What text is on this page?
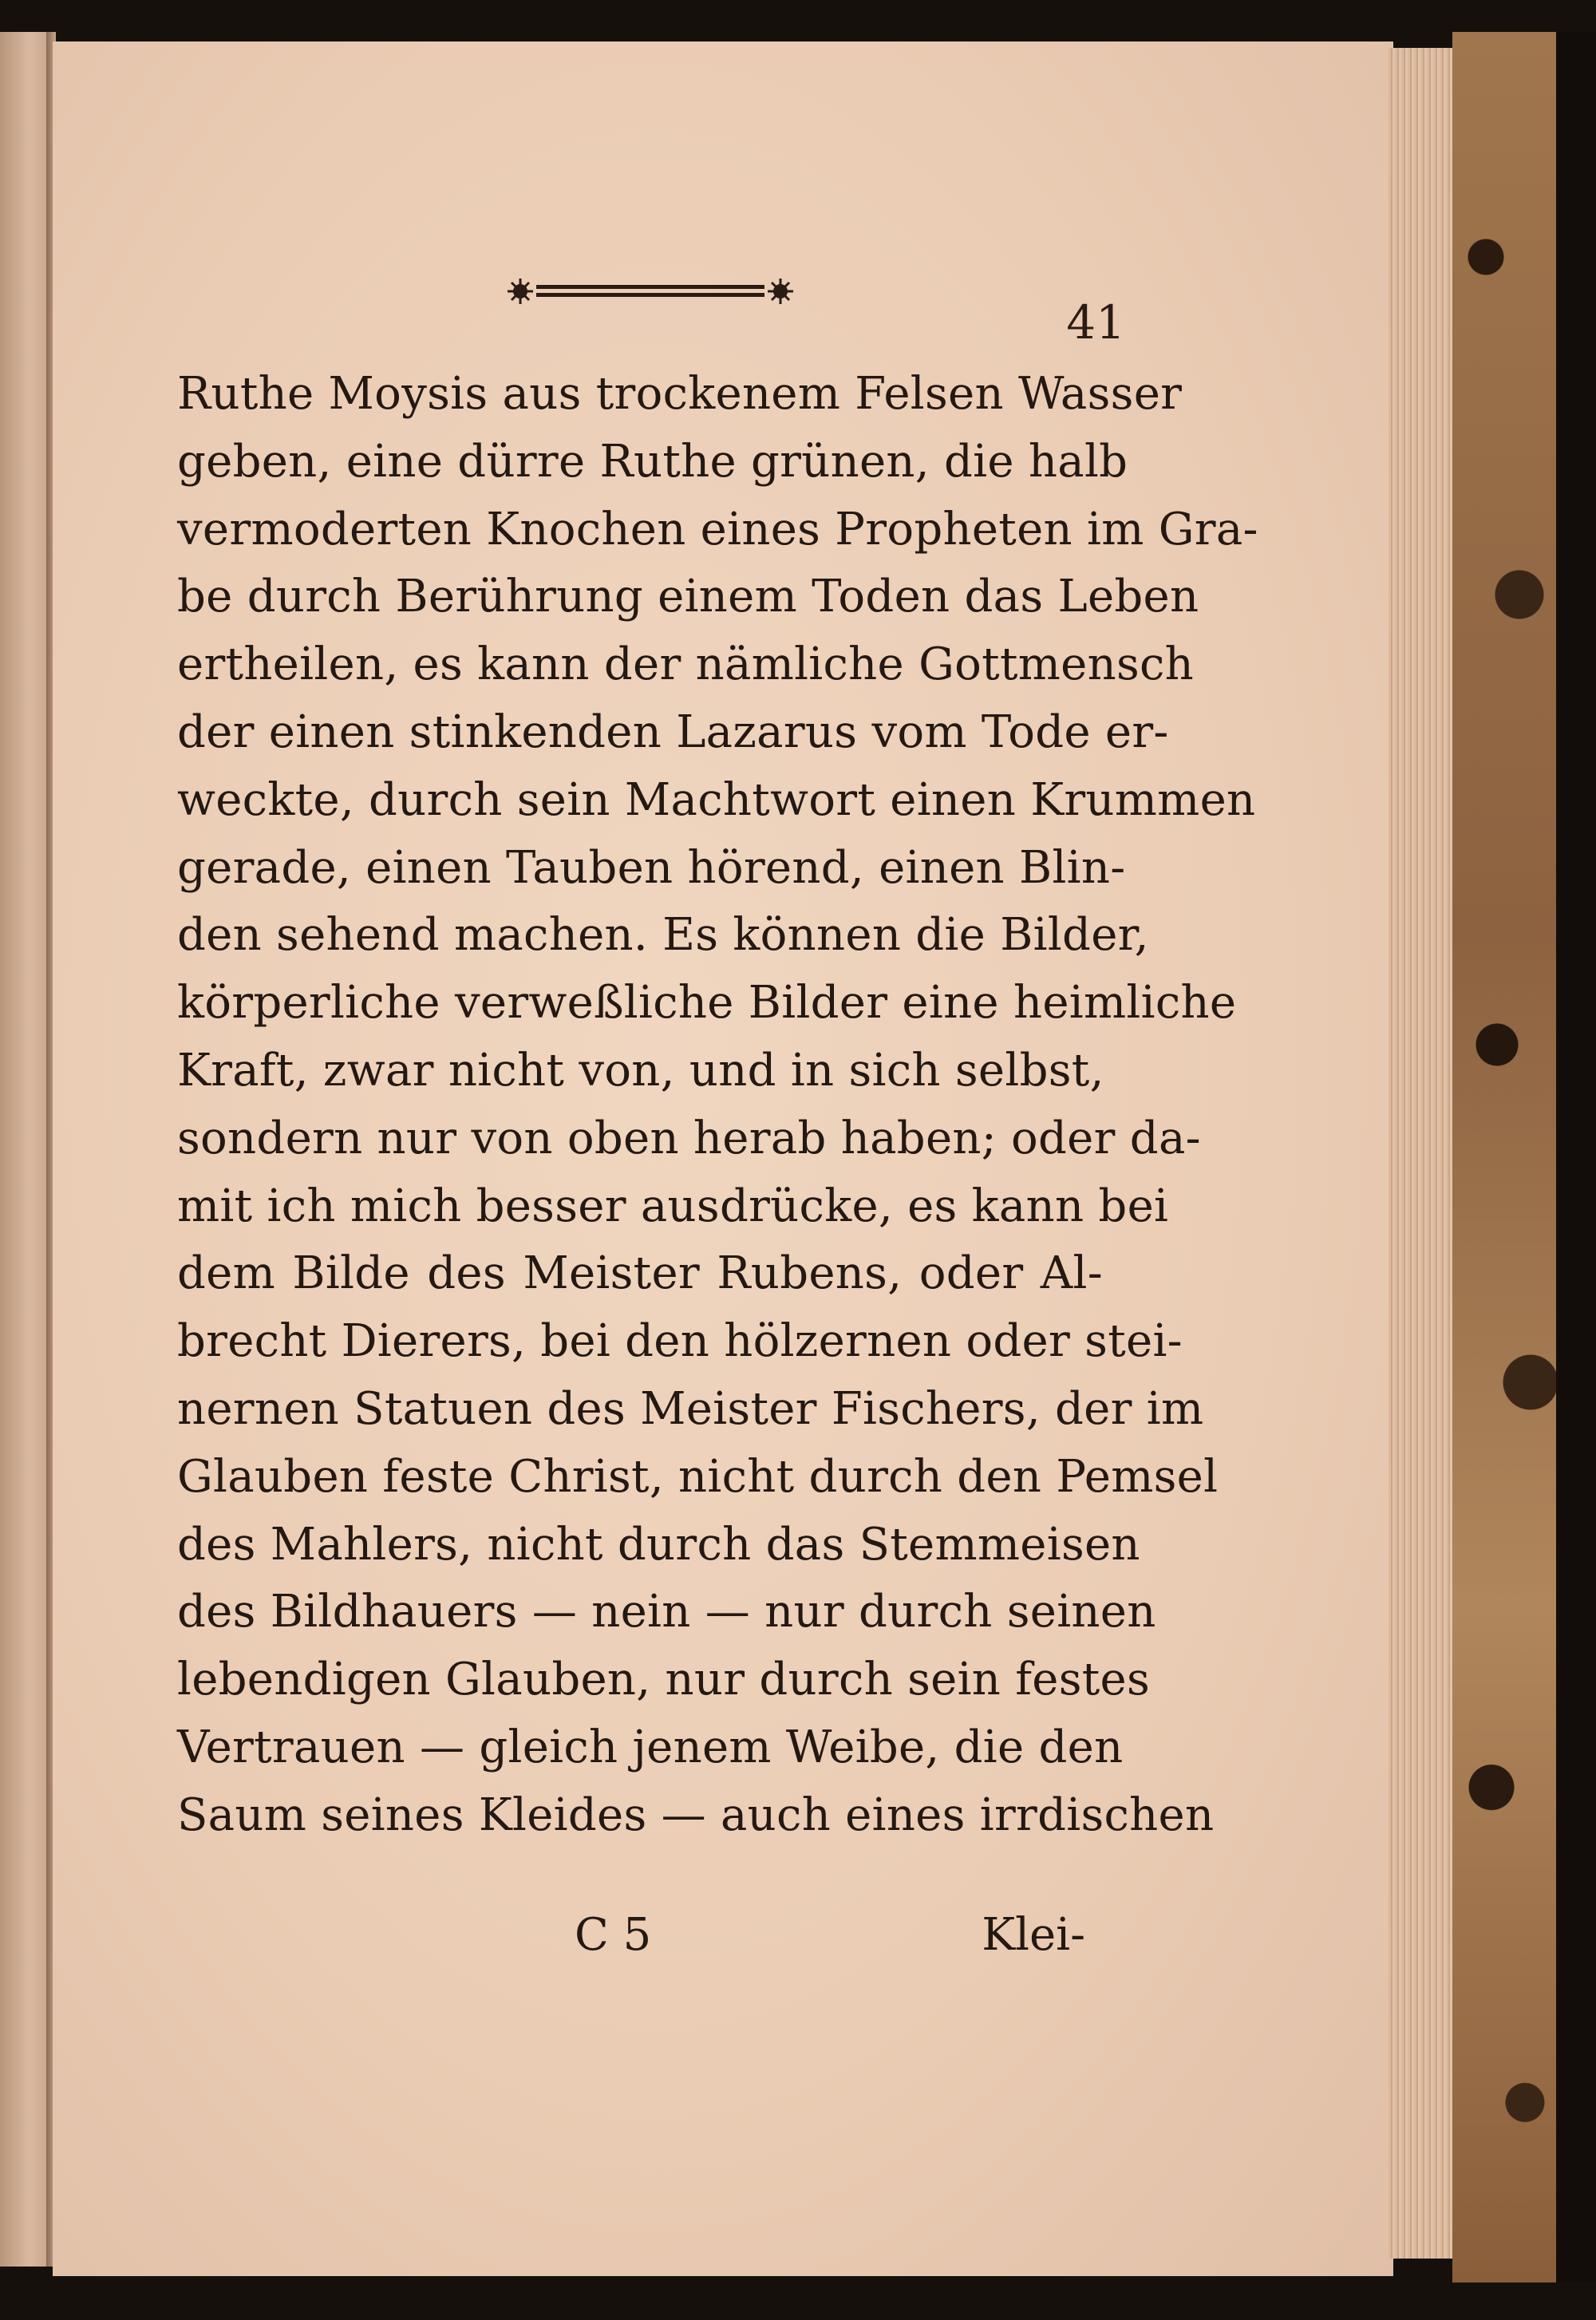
41
Ruthe Moysis aus trockenem Felsen Wasser
geben, eine dürre Ruthe grünen, die halb
vermoderten Knochen eines Propheten im Gra-
be durch Berührung einem Toden das Leben
ertheilen, es kann der nämliche Gottmensch
der einen stinkenden Lazarus vom Tode er-
weckte, durch sein Machtwort einen Krummen
gerade, einen Tauben hörend, einen Blin-
den sehend machen. Es können die Bilder,
körperliche verweßliche Bilder eine heimliche
Kraft, zwar nicht von, und in sich selbst,
sondern nur von oben herab haben; oder da-
mit ich mich besser ausdrücke, es kann bei
dem Bilde des Meister Rubens, oder Al-
brecht Dierers, bei den hölzernen oder stei-
nernen Statuen des Meister Fischers, der im
Glauben feste Christ, nicht durch den Pemsel
des Mahlers, nicht durch das Stemmeisen
des Bildhauers — nein — nur durch seinen
lebendigen Glauben, nur durch sein festes
Vertrauen — gleich jenem Weibe, die den
Saum seines Kleides — auch eines irrdischen
C 5	Klei-
